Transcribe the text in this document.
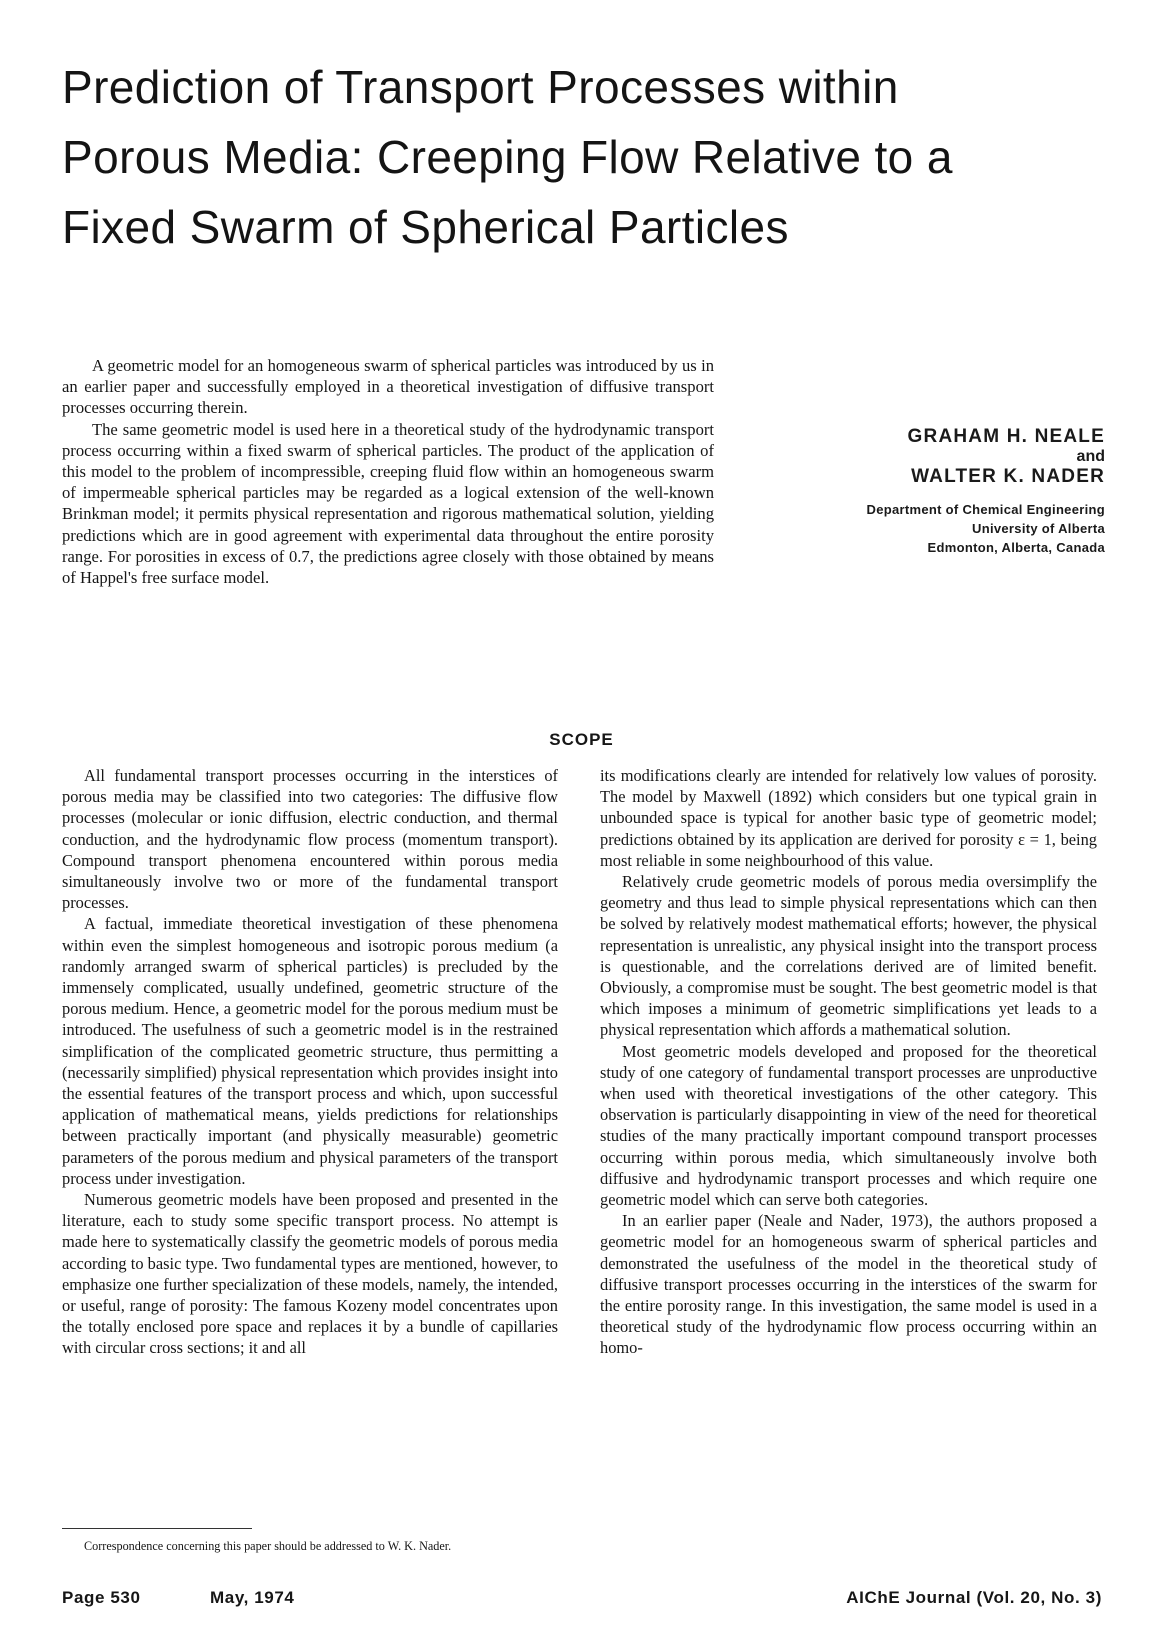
Prediction of Transport Processes within
Porous Media: Creeping Flow Relative to a
Fixed Swarm of Spherical Particles

A geometric model for an homogeneous swarm of spherical particles was introduced by us in an earlier paper and successfully employed in a theoretical investigation of diffusive transport processes occurring therein.

The same geometric model is used here in a theoretical study of the hydrodynamic transport process occurring within a fixed swarm of spherical particles. The product of the application of this model to the problem of incompressible, creeping fluid flow within an homogeneous swarm of impermeable spherical particles may be regarded as a logical extension of the well-known Brinkman model; it permits physical representation and rigorous mathematical solution, yielding predictions which are in good agreement with experimental data throughout the entire porosity range. For porosities in excess of 0.7, the predictions agree closely with those obtained by means of Happel's free surface model.

GRAHAM H. NEALE
and
WALTER K. NADER
Department of Chemical Engineering
University of Alberta
Edmonton, Alberta, Canada
SCOPE

All fundamental transport processes occurring in the interstices of porous media may be classified into two categories: The diffusive flow processes (molecular or ionic diffusion, electric conduction, and thermal conduction, and the hydrodynamic flow process (momentum transport). Compound transport phenomena encountered within porous media simultaneously involve two or more of the fundamental transport processes.

A factual, immediate theoretical investigation of these phenomena within even the simplest homogeneous and isotropic porous medium (a randomly arranged swarm of spherical particles) is precluded by the immensely complicated, usually undefined, geometric structure of the porous medium. Hence, a geometric model for the porous medium must be introduced. The usefulness of such a geometric model is in the restrained simplification of the complicated geometric structure, thus permitting a (necessarily simplified) physical representation which provides insight into the essential features of the transport process and which, upon successful application of mathematical means, yields predictions for relationships between practically important (and physically measurable) geometric parameters of the porous medium and physical parameters of the transport process under investigation.

Numerous geometric models have been proposed and presented in the literature, each to study some specific transport process. No attempt is made here to systematically classify the geometric models of porous media according to basic type. Two fundamental types are mentioned, however, to emphasize one further specialization of these models, namely, the intended, or useful, range of porosity: The famous Kozeny model concentrates upon the totally enclosed pore space and replaces it by a bundle of capillaries with circular cross sections; it and all

its modifications clearly are intended for relatively low values of porosity. The model by Maxwell (1892) which considers but one typical grain in unbounded space is typical for another basic type of geometric model; predictions obtained by its application are derived for porosity ε = 1, being most reliable in some neighbourhood of this value.

Relatively crude geometric models of porous media oversimplify the geometry and thus lead to simple physical representations which can then be solved by relatively modest mathematical efforts; however, the physical representation is unrealistic, any physical insight into the transport process is questionable, and the correlations derived are of limited benefit. Obviously, a compromise must be sought. The best geometric model is that which imposes a minimum of geometric simplifications yet leads to a physical representation which affords a mathematical solution.

Most geometric models developed and proposed for the theoretical study of one category of fundamental transport processes are unproductive when used with theoretical investigations of the other category. This observation is particularly disappointing in view of the need for theoretical studies of the many practically important compound transport processes occurring within porous media, which simultaneously involve both diffusive and hydrodynamic transport processes and which require one geometric model which can serve both categories.

In an earlier paper (Neale and Nader, 1973), the authors proposed a geometric model for an homogeneous swarm of spherical particles and demonstrated the usefulness of the model in the theoretical study of diffusive transport processes occurring in the interstices of the swarm for the entire porosity range. In this investigation, the same model is used in a theoretical study of the hydrodynamic flow process occurring within an homo-

Correspondence concerning this paper should be addressed to W. K. Nader.
Page 530	May, 1974	AIChE Journal (Vol. 20, No. 3)
